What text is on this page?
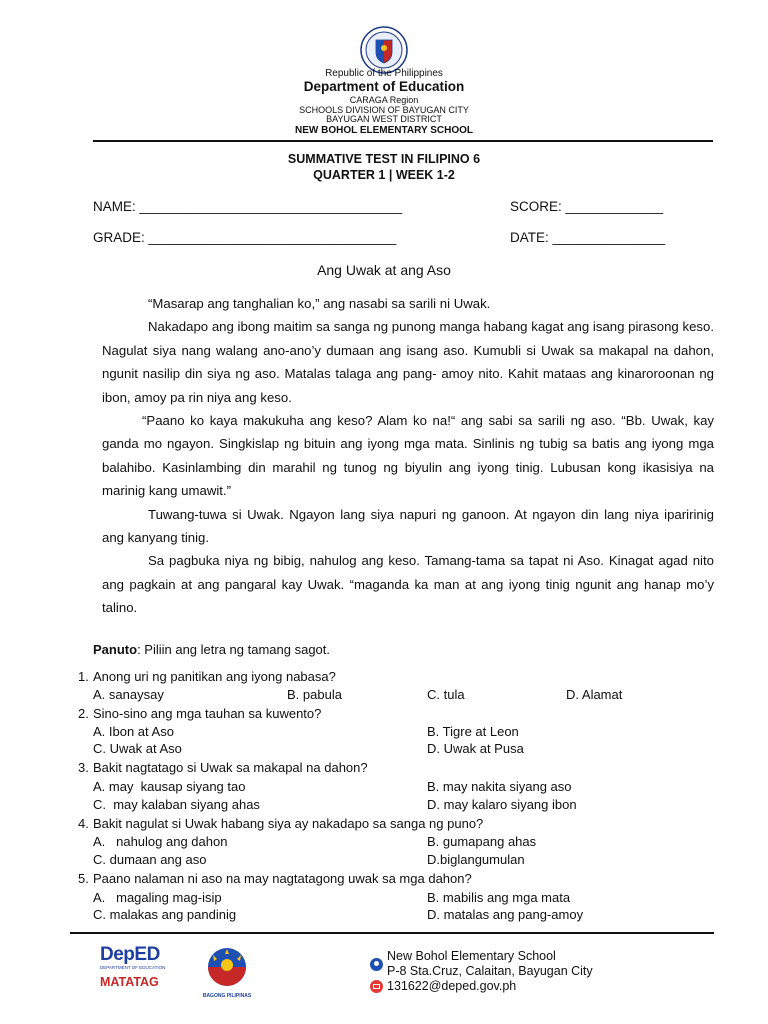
Republic of the Philippines
Department of Education
CARAGA Region
SCHOOLS DIVISION OF BAYUGAN CITY
BAYUGAN WEST DISTRICT
NEW BOHOL ELEMENTARY SCHOOL
SUMMATIVE TEST IN FILIPINO 6
QUARTER 1 | WEEK 1-2
NAME: ___________________________________	SCORE: _____________
GRADE: _________________________________	DATE: _______________
Ang Uwak at ang Aso

“Masarap ang tanghalian ko,” ang nasabi sa sarili ni Uwak.

Nakadapo ang ibong maitim sa sanga ng punong manga habang kagat ang isang pirasong keso. Nagulat siya nang walang ano-ano’y dumaan ang isang aso. Kumubli si Uwak sa makapal na dahon, ngunit nasilip din siya ng aso. Matalas talaga ang pang- amoy nito. Kahit mataas ang kinaroroonan ng ibon, amoy pa rin niya ang keso.

“Paano ko kaya makukuha ang keso? Alam ko na!“ ang sabi sa sarili ng aso. “Bb. Uwak, kay ganda mo ngayon. Singkislap ng bituin ang iyong mga mata. Sinlinis ng tubig sa batis ang iyong mga balahibo. Kasinlambing din marahil ng tunog ng biyulin ang iyong tinig. Lubusan kong ikasisiya na marinig kang umawit.”

Tuwang-tuwa si Uwak. Ngayon lang siya napuri ng ganoon. At ngayon din lang niya iparirinig ang kanyang tinig.

Sa pagbuka niya ng bibig, nahulog ang keso. Tamang-tama sa tapat ni Aso. Kinagat agad nito ang pagkain at ang pangaral kay Uwak. “maganda ka man at ang iyong tinig ngunit ang hanap mo’y talino.

Panuto: Piliin ang letra ng tamang sagot.
1. Anong uri ng panitikan ang iyong nabasa?
A. sanaysay	B. pabula	C. tula	D. Alamat
2. Sino-sino ang mga tauhan sa kuwento?
A. Ibon at Aso	B. Tigre at Leon
C. Uwak at Aso	D. Uwak at Pusa
3. Bakit nagtatago si Uwak sa makapal na dahon?
A. may  kausap siyang tao	B. may nakita siyang aso
C.  may kalaban siyang ahas	D. may kalaro siyang ibon
4. Bakit nagulat si Uwak habang siya ay nakadapo sa sanga ng puno?
A.   nahulog ang dahon	B. gumapang ahas
C. dumaan ang aso	D.biglangumulan
5. Paano nalaman ni aso na may nagtatagong uwak sa mga dahon?
A.   magaling mag-isip	B. mabilis ang mga mata
C. malakas ang pandinig	D. matalas ang pang-amoy
DepED
DEPARTMENT OF EDUCATION
MATATAG
BAGONG PILIPINAS
New Bohol Elementary School
P-8 Sta.Cruz, Calaitan, Bayugan City
131622@deped.gov.ph
